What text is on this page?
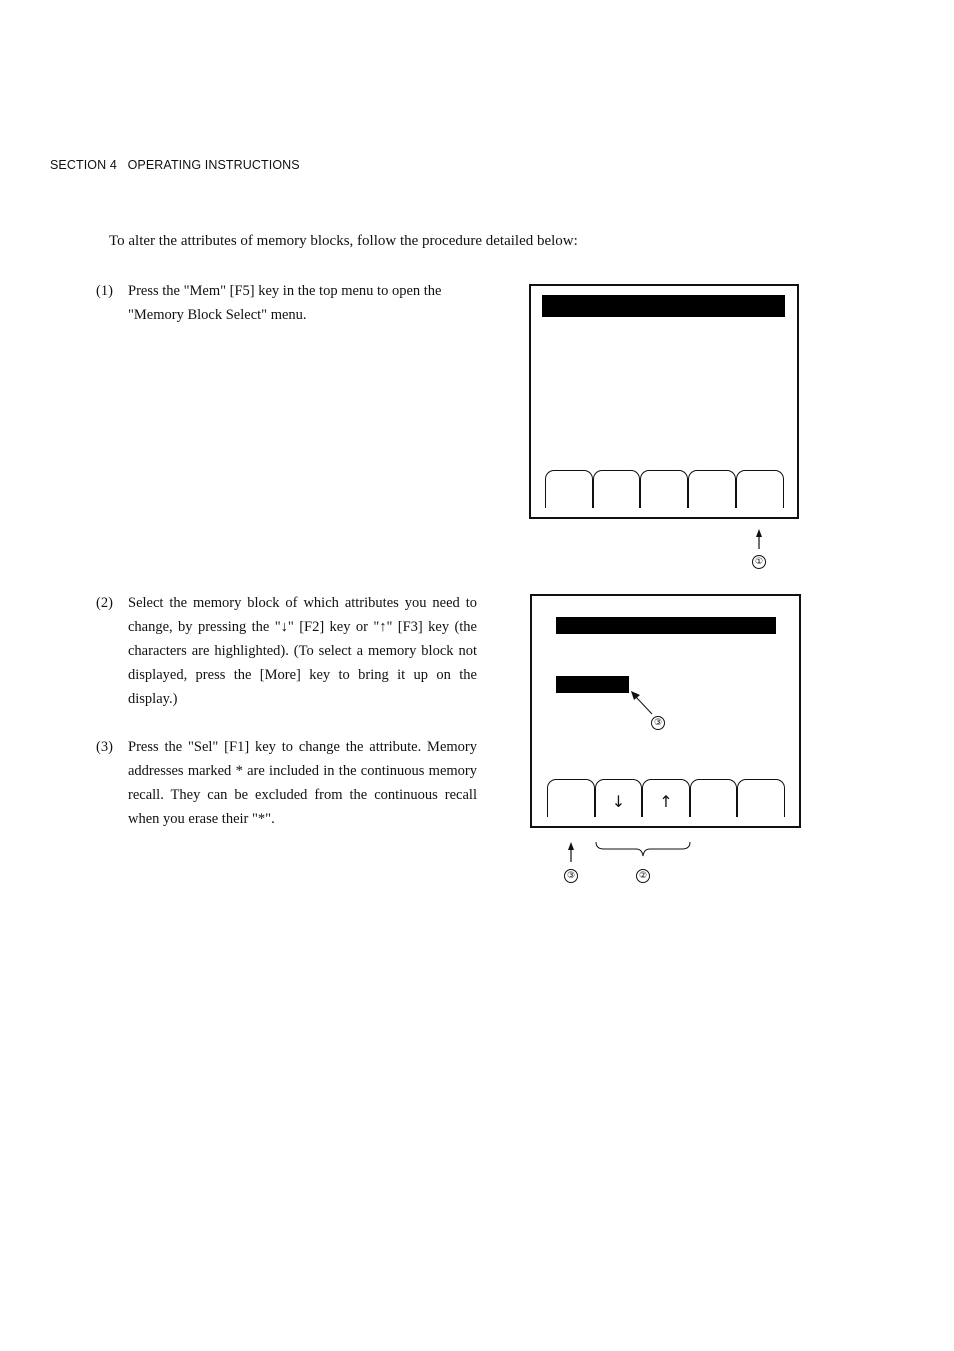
SECTION 4   OPERATING INSTRUCTIONS
To alter the attributes of memory blocks, follow the procedure detailed below:
(1) Press the "Mem" [F5] key in the top menu to open the "Memory Block Select" menu.
(2) Select the memory block of which attributes you need to change, by pressing the "↓" [F2] key or "↑" [F3] key (the characters are highlighted). (To select a memory block not displayed, press the [More] key to bring it up on the display.)
(3) Press the "Sel" [F1] key to change the attribute. Memory addresses marked * are included in the continuous memory recall. They can be excluded from the continuous recall when you erase their "*".
①
↓	↑
③
③	②
